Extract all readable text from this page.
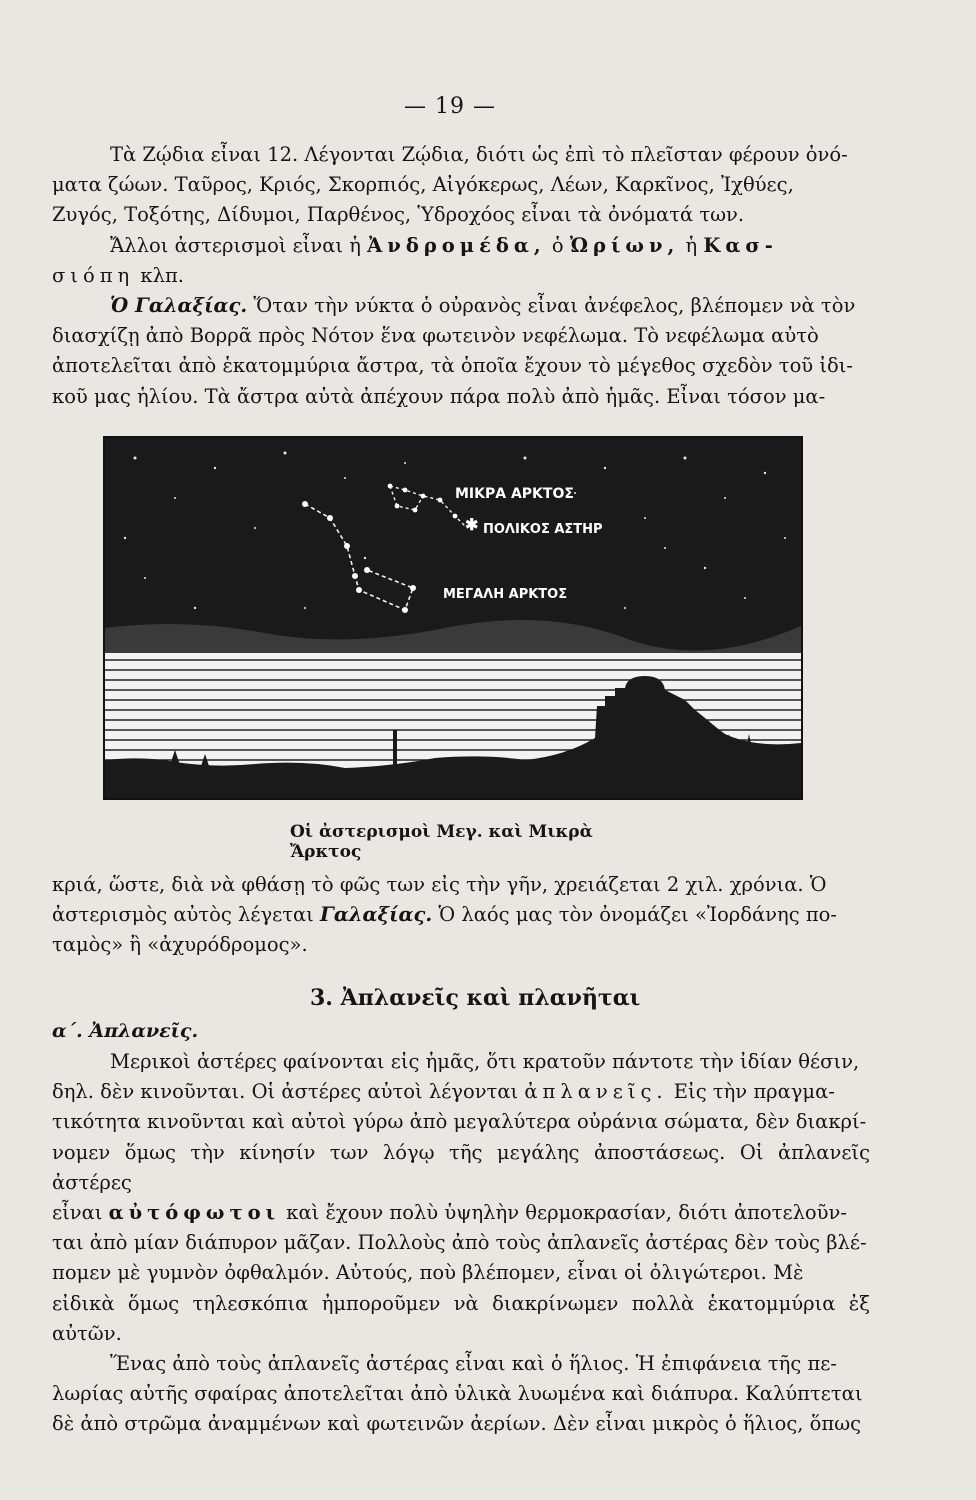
— 19 —

Τὰ Ζῴδια εἶναι 12. Λέγονται Ζῴδια, διότι ὡς ἐπὶ τὸ πλεῖσταν φέρουν ὀνό-

ματα ζώων. Ταῦρος, Κριός, Σκορπιός, Αἰγόκερως, Λέων, Καρκῖνος, Ἰχθύες,

Ζυγός, Τοξότης, Δίδυμοι, Παρθένος, Ὑδροχόος εἶναι τὰ ὀνόματά των.

Ἄλλοι ἀστερισμοὶ εἶναι ἡ Ἀνδρομέδα, ὁ Ὠρίων, ἡ Κασ-

σιόπη κλπ.

Ὁ Γαλαξίας. Ὅταν τὴν νύκτα ὁ οὐρανὸς εἶναι ἀνέφελος, βλέπομεν νὰ τὸν

διασχίζῃ ἀπὸ Βορρᾶ πρὸς Νότον ἕνα φωτεινὸν νεφέλωμα. Τὸ νεφέλωμα αὐτὸ

ἀποτελεῖται ἀπὸ ἑκατομμύρια ἄστρα, τὰ ὁποῖα ἔχουν τὸ μέγεθος σχεδὸν τοῦ ἰδι-

κοῦ μας ἡλίου. Τὰ ἄστρα αὐτὰ ἀπέχουν πάρα πολὺ ἀπὸ ἡμᾶς. Εἶναι τόσον μα-

✱
ΜΙΚΡΑ ΑΡΚΤΟΣ
ΠΟΛΙΚΟΣ ΑΣΤΗΡ
ΜΕΓΑΛΗ ΑΡΚΤΟΣ
Οἱ ἀστερισμοὶ Μεγ. καὶ Μικρὰ Ἄρκτος

κριά, ὥστε, διὰ νὰ φθάσῃ τὸ φῶς των εἰς τὴν γῆν, χρειάζεται 2 χιλ. χρόνια. Ὁ

ἀστερισμὸς αὐτὸς λέγεται Γαλαξίας. Ὁ λαός μας τὸν ὀνομάζει «Ἰορδάνης πο-

ταμὸς» ἢ «ἀχυρόδρομος».

3. Ἀπλανεῖς καὶ πλανῆται
α΄. Ἀπλανεῖς.

Μερικοὶ ἀστέρες φαίνονται εἰς ἡμᾶς, ὅτι κρατοῦν πάντοτε τὴν ἰδίαν θέσιν,

δηλ. δὲν κινοῦνται. Οἱ ἀστέρες αὐτοὶ λέγονται ἀπλανεῖς. Εἰς τὴν πραγμα-

τικότητα κινοῦνται καὶ αὐτοὶ γύρω ἀπὸ μεγαλύτερα οὐράνια σώματα, δὲν διακρί-

νομεν ὅμως τὴν κίνησίν των λόγῳ τῆς μεγάλης ἀποστάσεως. Οἱ ἀπλανεῖς ἀστέρες

εἶναι αὐτόφωτοι καὶ ἔχουν πολὺ ὑψηλὴν θερμοκρασίαν, διότι ἀποτελοῦν-

ται ἀπὸ μίαν διάπυρον μᾶζαν. Πολλοὺς ἀπὸ τοὺς ἀπλανεῖς ἀστέρας δὲν τοὺς βλέ-

πομεν μὲ γυμνὸν ὀφθαλμόν. Αὐτούς, ποὺ βλέπομεν, εἶναι οἱ ὀλιγώτεροι. Μὲ

εἰδικὰ ὅμως τηλεσκόπια ἠμποροῦμεν νὰ διακρίνωμεν πολλὰ ἑκατομμύρια ἐξ αὐτῶν.

Ἕνας ἀπὸ τοὺς ἀπλανεῖς ἀστέρας εἶναι καὶ ὁ ἥλιος. Ἡ ἐπιφάνεια τῆς πε-

λωρίας αὐτῆς σφαίρας ἀποτελεῖται ἀπὸ ὑλικὰ λυωμένα καὶ διάπυρα. Καλύπτεται

δὲ ἀπὸ στρῶμα ἀναμμένων καὶ φωτεινῶν ἀερίων. Δὲν εἶναι μικρὸς ὁ ἥλιος, ὅπως
